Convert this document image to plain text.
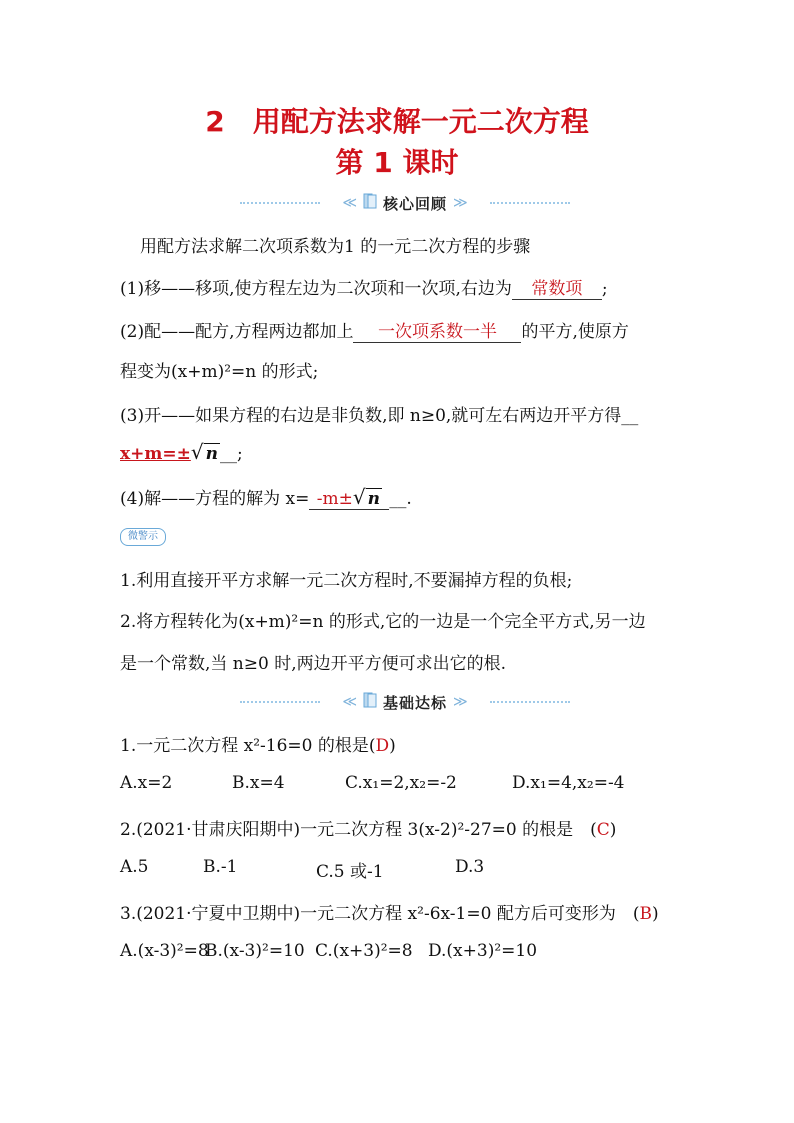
2　用配方法求解一元二次方程
第 1 课时
≪ 核心回顾 ≫
用配方法求解二次项系数为1 的一元二次方程的步骤
(1)移——移项,使方程左边为二次项和一次项,右边为 常数项 ;
(2)配——配方,方程两边都加上 一次项系数一半 的平方,使原方
程变为(x+m)²=n 的形式;
(3)开——如果方程的右边是非负数,即 n≥0,就可左右两边开平方得__
x+m=±√ n __;
(4)解——方程的解为 x= -m±√ n __.
微警示
1.利用直接开平方求解一元二次方程时,不要漏掉方程的负根;
2.将方程转化为(x+m)²=n 的形式,它的一边是一个完全平方式,另一边
是一个常数,当 n≥0 时,两边开平方便可求出它的根.
≪ 基础达标 ≫
1.一元二次方程 x²-16=0 的根是(D)
A.x=2	B.x=4	C.x₁=2,x₂=-2	D.x₁=4,x₂=-4
2.(2021·甘肃庆阳期中)一元二次方程 3(x-2)²-27=0 的根是　(C)
A.5	B.-1	C.5 或-1	D.3
3.(2021·宁夏中卫期中)一元二次方程 x²-6x-1=0 配方后可变形为　(B)
A.(x-3)²=8
B.(x-3)²=10 C.(x+3)²=8 D.(x+3)²=10
